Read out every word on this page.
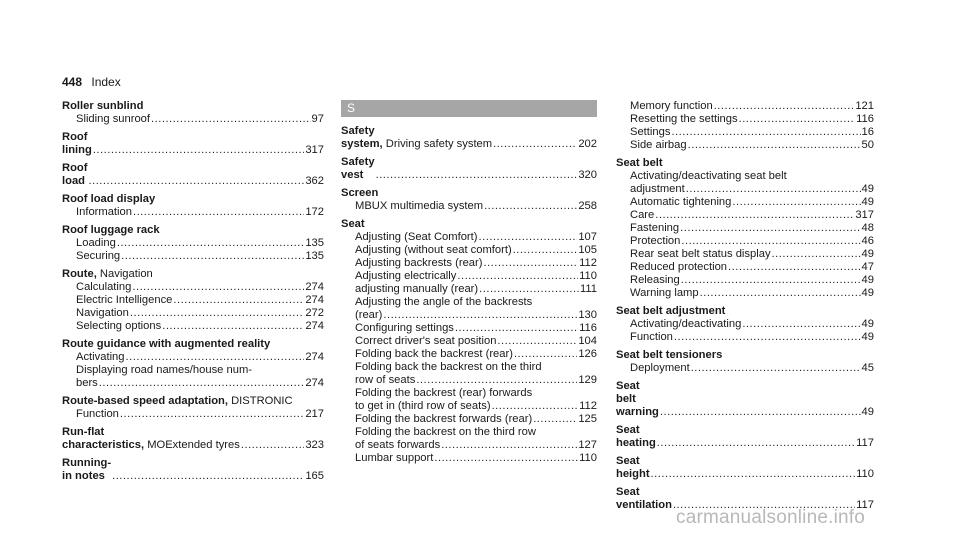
448 Index
Roller sunblind
Sliding sunroof .....	97
Roof lining .....	317
Roof load .....	362
Roof load display
Information .....	172
Roof luggage rack
Loading .....	135
Securing .....	135
Route, Navigation
Calculating .....	274
Electric Intelligence .....	274
Navigation .....	272
Selecting options .....	274
Route guidance with augmented reality
Activating .....	274
Displaying road names/house num-
bers .....	274
Route-based speed adaptation, DISTRONIC
Function .....	217
Run-flat characteristics, MOExtended tyres .....	323
Running-in notes .....	165
S
Safety system, Driving safety system .....	202
Safety vest .....	320
Screen
MBUX multimedia system .....	258
Seat
Adjusting (Seat Comfort) .....	107
Adjusting (without seat comfort) .....	105
Adjusting backrests (rear) .....	112
Adjusting electrically .....	110
adjusting manually (rear) .....	111
Adjusting the angle of the backrests
(rear) .....	130
Configuring settings .....	116
Correct driver's seat position .....	104
Folding back the backrest (rear) .....	126
Folding back the backrest on the third
row of seats .....	129
Folding the backrest (rear) forwards
to get in (third row of seats) .....	112
Folding the backrest forwards (rear) .....	125
Folding the backrest on the third row
of seats forwards .....	127
Lumbar support .....	110
Memory function .....	121
Resetting the settings .....	116
Settings .....	16
Side airbag .....	50
Seat belt
Activating/deactivating seat belt
adjustment .....	49
Automatic tightening .....	49
Care .....	317
Fastening .....	48
Protection .....	46
Rear seat belt status display .....	49
Reduced protection .....	47
Releasing .....	49
Warning lamp .....	49
Seat belt adjustment
Activating/deactivating .....	49
Function .....	49
Seat belt tensioners
Deployment .....	45
Seat belt warning .....	49
Seat heating .....	117
Seat height .....	110
Seat ventilation .....	117
carmanualsonline.info
